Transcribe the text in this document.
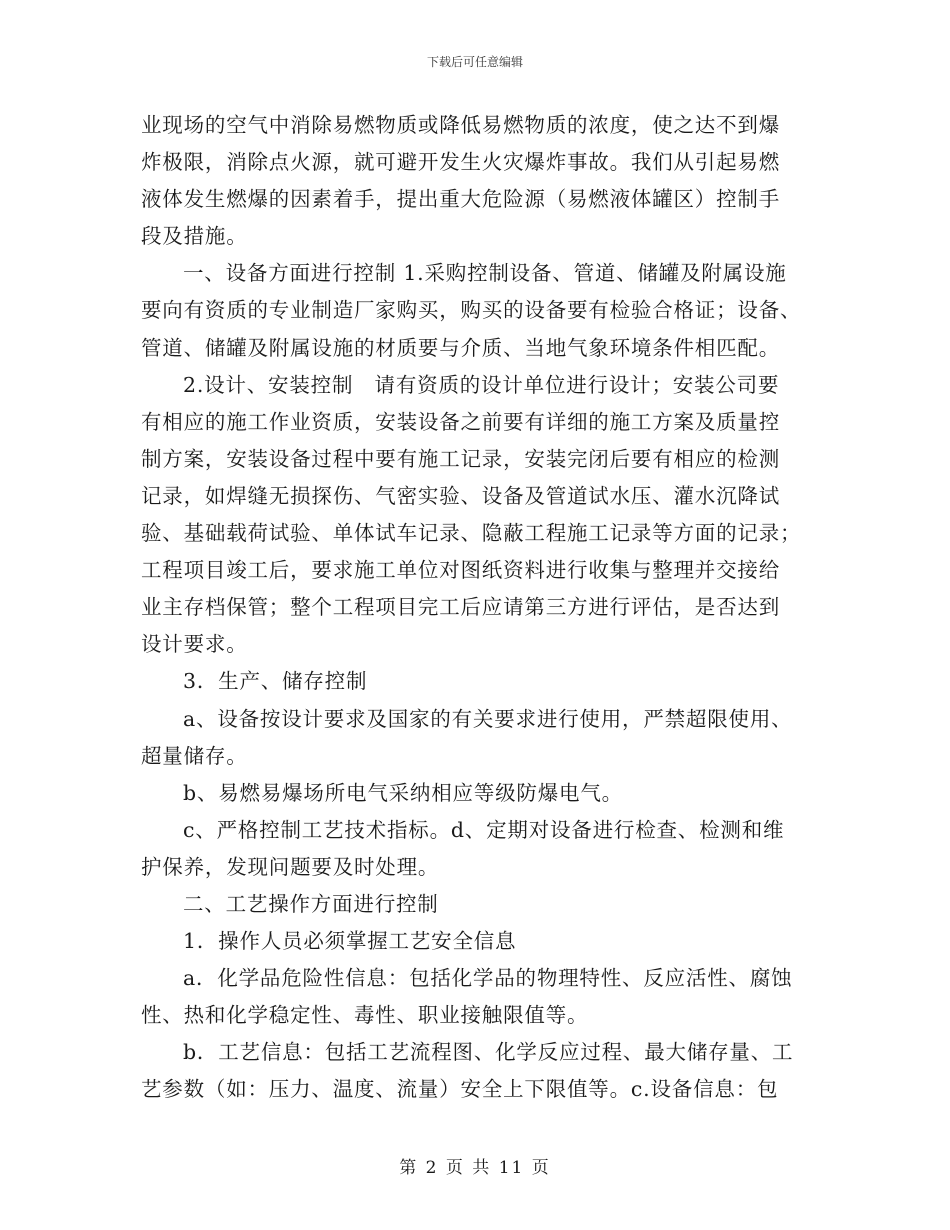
下载后可任意编辑
业现场的空气中消除易燃物质或降低易燃物质的浓度，使之达不到爆
炸极限，消除点火源，就可避开发生火灾爆炸事故。我们从引起易燃
液体发生燃爆的因素着手，提出重大危险源（易燃液体罐区）控制手
段及措施。
一、设备方面进行控制 1.采购控制设备、管道、储罐及附属设施
要向有资质的专业制造厂家购买，购买的设备要有检验合格证；设备、
管道、储罐及附属设施的材质要与介质、当地气象环境条件相匹配。
2.设计、安装控制　请有资质的设计单位进行设计；安装公司要
有相应的施工作业资质，安装设备之前要有详细的施工方案及质量控
制方案，安装设备过程中要有施工记录，安装完闭后要有相应的检测
记录，如焊缝无损探伤、气密实验、设备及管道试水压、灌水沉降试
验、基础载荷试验、单体试车记录、隐蔽工程施工记录等方面的记录；
工程项目竣工后，要求施工单位对图纸资料进行收集与整理并交接给
业主存档保管；整个工程项目完工后应请第三方进行评估，是否达到
设计要求。
3．生产、储存控制
a、设备按设计要求及国家的有关要求进行使用，严禁超限使用、
超量储存。
b、易燃易爆场所电气采纳相应等级防爆电气。
c、严格控制工艺技术指标。d、定期对设备进行检查、检测和维
护保养，发现问题要及时处理。
二、工艺操作方面进行控制
1．操作人员必须掌握工艺安全信息
a．化学品危险性信息：包括化学品的物理特性、反应活性、腐蚀
性、热和化学稳定性、毒性、职业接触限值等。
b．工艺信息：包括工艺流程图、化学反应过程、最大储存量、工
艺参数（如：压力、温度、流量）安全上下限值等。c.设备信息：包
第 2 页 共 11 页
